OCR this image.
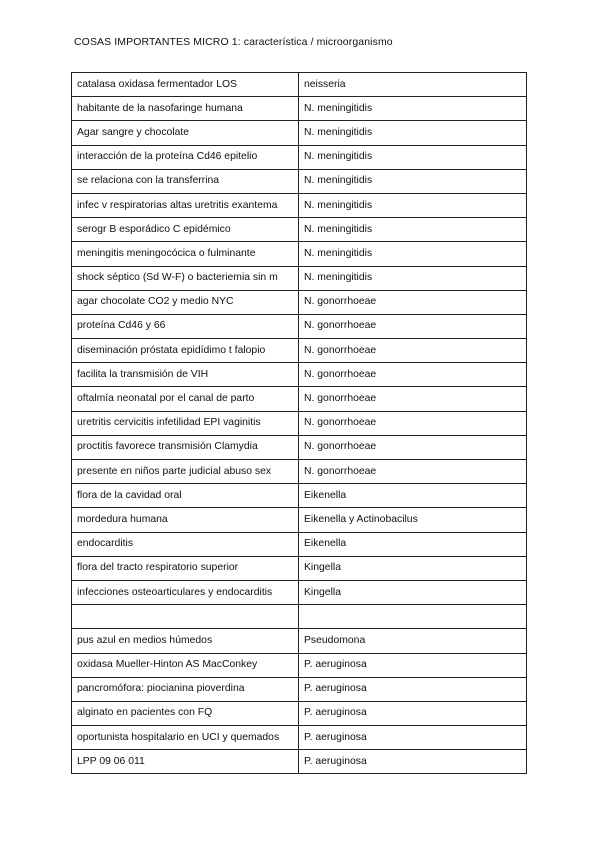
COSAS IMPORTANTES MICRO 1: característica / microorganismo
catalasa oxidasa fermentador LOS	neisseria
habitante de la nasofaringe humana	N. meningitidis
Agar sangre y chocolate	N. meningitidis
interacción de la proteína Cd46 epitelio	N. meningitidis
se relaciona con la transferrina	N. meningitidis
infec v respiratorias altas uretritis exantema	N. meningitidis
serogr B esporádico C epidémico	N. meningitidis
meningitis meningocócica o fulminante	N. meningitidis
shock séptico (Sd W-F) o bacteriemia sin m	N. meningitidis
agar chocolate CO2 y medio NYC	N. gonorrhoeae
proteína Cd46 y 66	N. gonorrhoeae
diseminación próstata epidídimo t falopio	N. gonorrhoeae
facilita la transmisión de VIH	N. gonorrhoeae
oftalmía neonatal por el canal de parto	N. gonorrhoeae
uretritis cervicitis infetilidad EPI vaginitis	N. gonorrhoeae
proctitis favorece transmisión Clamydia	N. gonorrhoeae
presente en niños parte judicial abuso sex	N. gonorrhoeae
flora de la cavidad oral	Eikenella
mordedura humana	Eikenella y Actinobacilus
endocarditis	Eikenella
flora del tracto respiratorio superior	Kingella
infecciones osteoarticulares y endocarditis	Kingella

pus azul en medios húmedos	Pseudomona
oxidasa Mueller-Hinton AS MacConkey	P. aeruginosa
pancromófora: piocianina pioverdina	P. aeruginosa
alginato en pacientes con FQ	P. aeruginosa
oportunista hospitalario en UCI y quemados	P. aeruginosa
LPP 09 06 011	P. aeruginosa
